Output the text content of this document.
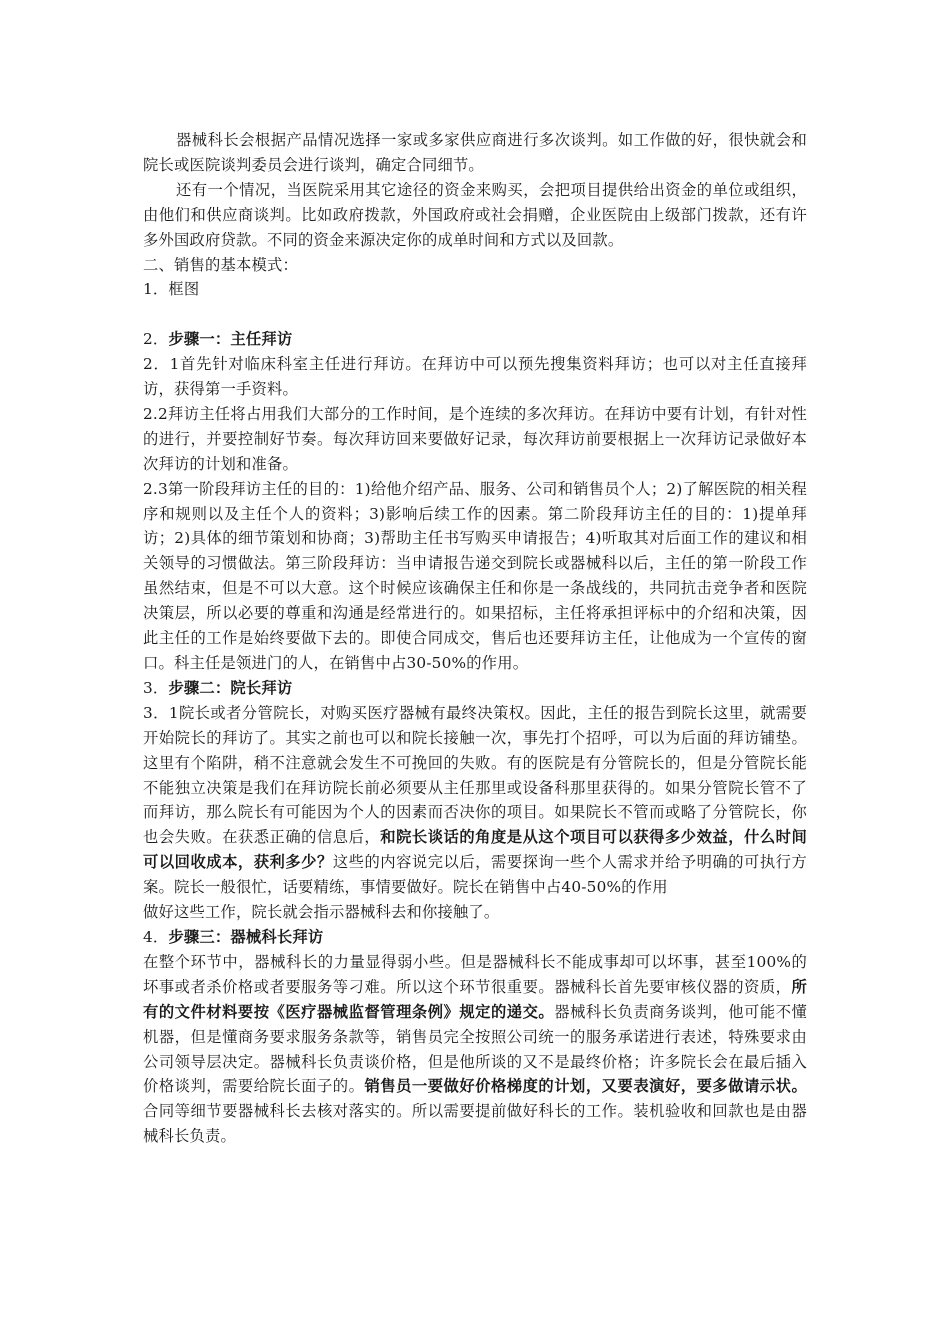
器械科长会根据产品情况选择一家或多家供应商进行多次谈判。如工作做的好，很快就会和院长或医院谈判委员会进行谈判，确定合同细节。

还有一个情况，当医院采用其它途径的资金来购买，会把项目提供给出资金的单位或组织，由他们和供应商谈判。比如政府拨款，外国政府或社会捐赠，企业医院由上级部门拨款，还有许多外国政府贷款。不同的资金来源决定你的成单时间和方式以及回款。

二、销售的基本模式：

1．框图

2．步骤一：主任拜访

2．1首先针对临床科室主任进行拜访。在拜访中可以预先搜集资料拜访；也可以对主任直接拜访，获得第一手资料。

2.2拜访主任将占用我们大部分的工作时间，是个连续的多次拜访。在拜访中要有计划，有针对性的进行，并要控制好节奏。每次拜访回来要做好记录，每次拜访前要根据上一次拜访记录做好本次拜访的计划和准备。

2.3第一阶段拜访主任的目的：1)给他介绍产品、服务、公司和销售员个人；2)了解医院的相关程序和规则以及主任个人的资料；3)影响后续工作的因素。第二阶段拜访主任的目的：1)提单拜访；2)具体的细节策划和协商；3)帮助主任书写购买申请报告；4)听取其对后面工作的建议和相关领导的习惯做法。第三阶段拜访：当申请报告递交到院长或器械科以后，主任的第一阶段工作虽然结束，但是不可以大意。这个时候应该确保主任和你是一条战线的，共同抗击竞争者和医院决策层，所以必要的尊重和沟通是经常进行的。如果招标，主任将承担评标中的介绍和决策，因此主任的工作是始终要做下去的。即使合同成交，售后也还要拜访主任，让他成为一个宣传的窗口。科主任是领进门的人，在销售中占30-50%的作用。

3．步骤二：院长拜访

3．1院长或者分管院长，对购买医疗器械有最终决策权。因此，主任的报告到院长这里，就需要开始院长的拜访了。其实之前也可以和院长接触一次，事先打个招呼，可以为后面的拜访铺垫。这里有个陷阱，稍不注意就会发生不可挽回的失败。有的医院是有分管院长的，但是分管院长能不能独立决策是我们在拜访院长前必须要从主任那里或设备科那里获得的。如果分管院长管不了而拜访，那么院长有可能因为个人的因素而否决你的项目。如果院长不管而或略了分管院长，你也会失败。在获悉正确的信息后，和院长谈话的角度是从这个项目可以获得多少效益，什么时间可以回收成本，获利多少？这些的内容说完以后，需要探询一些个人需求并给予明确的可执行方案。院长一般很忙，话要精练，事情要做好。院长在销售中占40-50%的作用

做好这些工作，院长就会指示器械科去和你接触了。

4．步骤三：器械科长拜访

在整个环节中，器械科长的力量显得弱小些。但是器械科长不能成事却可以坏事，甚至100%的坏事或者杀价格或者要服务等刁难。所以这个环节很重要。器械科长首先要审核仪器的资质，所有的文件材料要按《医疗器械监督管理条例》规定的递交。器械科长负责商务谈判，他可能不懂机器，但是懂商务要求服务条款等，销售员完全按照公司统一的服务承诺进行表述，特殊要求由公司领导层决定。器械科长负责谈价格，但是他所谈的又不是最终价格；许多院长会在最后插入价格谈判，需要给院长面子的。销售员一要做好价格梯度的计划，又要表演好，要多做请示状。合同等细节要器械科长去核对落实的。所以需要提前做好科长的工作。装机验收和回款也是由器械科长负责。
